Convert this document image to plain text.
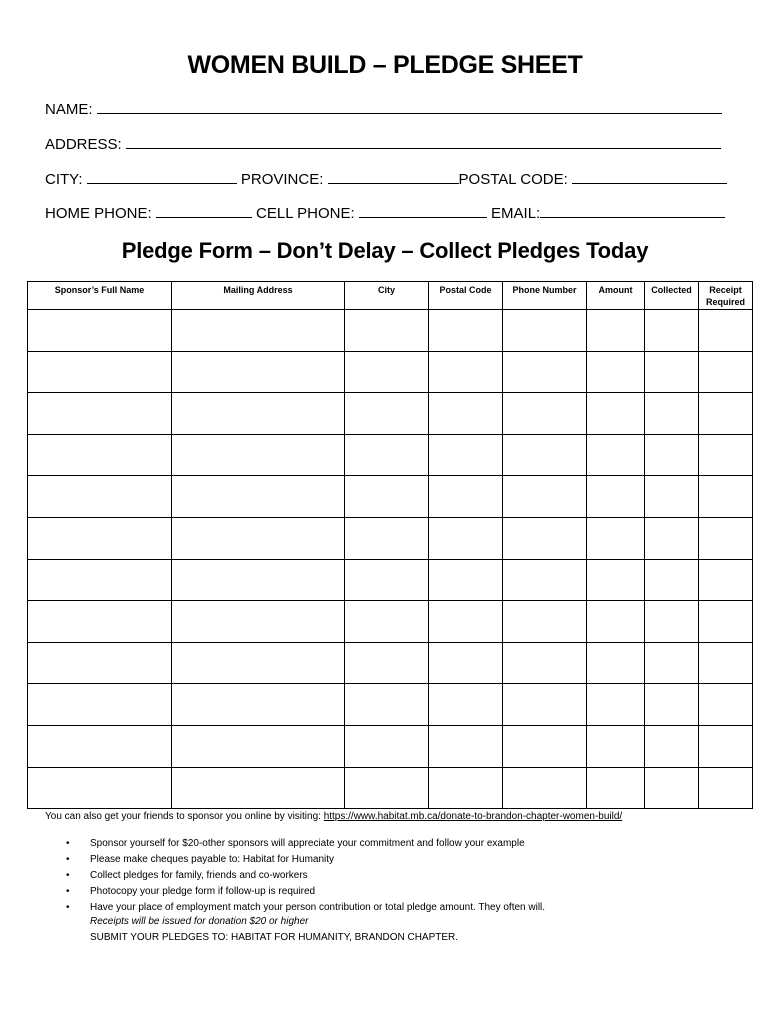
WOMEN BUILD – PLEDGE SHEET
NAME:
ADDRESS:
CITY:	PROVINCE:	POSTAL CODE:
HOME PHONE:	CELL PHONE:	EMAIL:
Pledge Form – Don’t Delay – Collect Pledges Today
Sponsor’s Full Name	Mailing Address	City	Postal Code	Phone Number	Amount	Collected	Receipt Required

You can also get your friends to sponsor you online by visiting: https://www.habitat.mb.ca/donate-to-brandon-chapter-women-build/
• Sponsor yourself for $20-other sponsors will appreciate your commitment and follow your example
• Please make cheques payable to: Habitat for Humanity
• Collect pledges for family, friends and co-workers
• Photocopy your pledge form if follow-up is required
• Have your place of employment match your person contribution or total pledge amount. They often will.
Receipts will be issued for donation $20 or higher
SUBMIT YOUR PLEDGES TO: HABITAT FOR HUMANITY, BRANDON CHAPTER.
